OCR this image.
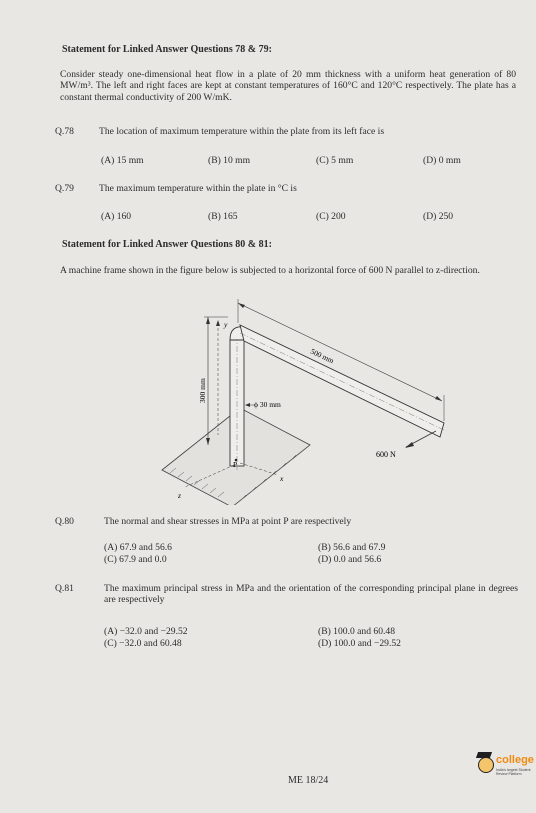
Statement for Linked Answer Questions 78 & 79:
Consider steady one-dimensional heat flow in a plate of 20 mm thickness with a uniform heat generation of 80 MW/m³. The left and right faces are kept at constant temperatures of 160°C and 120°C respectively. The plate has a constant thermal conductivity of 200 W/mK.
Q.78	The location of maximum temperature within the plate from its left face is
(A) 15 mm	(B) 10 mm	(C) 5 mm	(D) 0 mm
Q.79	The maximum temperature within the plate in °C is
(A) 160	(B) 165	(C) 200	(D) 250
Statement for Linked Answer Questions 80 & 81:
A machine frame shown in the figure below is subjected to a horizontal force of 600 N parallel to z-direction.
500 mm
300 mm
y
ϕ 30 mm
600 N
P
x
z
Q.80	The normal and shear stresses in MPa at point P are respectively
(A) 67.9 and 56.6	(B) 56.6 and 67.9
(C) 67.9 and 0.0	(D) 0.0 and 56.6
Q.81	The maximum principal stress in MPa and the orientation of the corresponding principal plane in degrees are respectively
(A) −32.0 and −29.52	(B) 100.0 and 60.48
(C) −32.0 and 60.48	(D) 100.0 and −29.52
college
India's largest Student Review Platform
ME 18/24
